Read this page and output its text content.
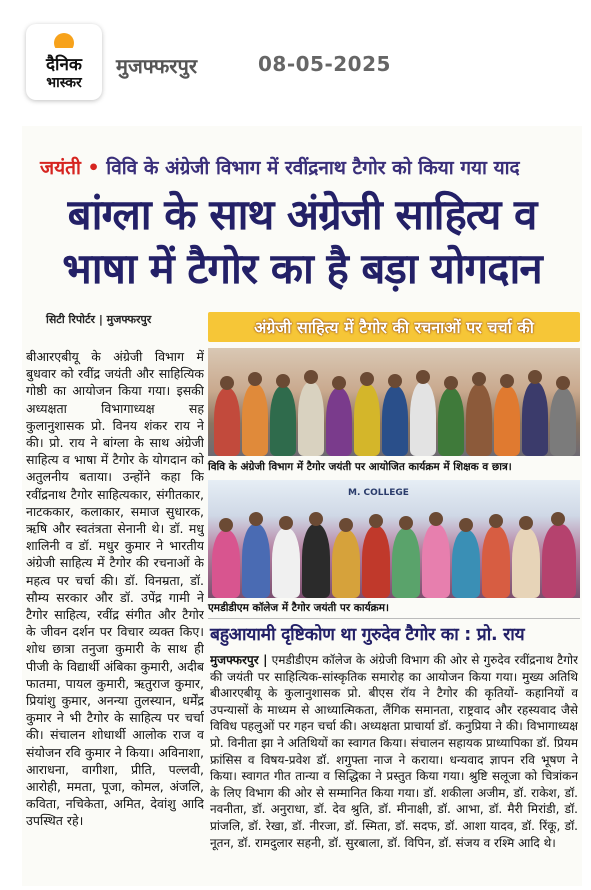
दैनिक
भास्कर
मुजफ्फरपुर	08-05-2025
जयंती • विवि के अंग्रेजी विभाग में रवींद्रनाथ टैगोर को किया गया याद
बांग्ला के साथ अंग्रेजी साहित्य व
भाषा में टैगोर का है बड़ा योगदान
सिटी रिपोर्टर | मुजफ्फरपुर	अंग्रेजी साहित्य में टैगोर की रचनाओं पर चर्चा की
बीआरएबीयू के अंग्रेजी विभाग में बुधवार को रवींद्र जयंती और साहित्यिक गोष्ठी का आयोजन किया गया। इसकी अध्यक्षता विभागाध्यक्ष सह कुलानुशासक प्रो. विनय शंकर राय ने की। प्रो. राय ने बांग्ला के साथ अंग्रेजी साहित्य व भाषा में टैगोर के योगदान को अतुलनीय बताया। उन्होंने कहा कि रवींद्रनाथ टैगोर साहित्यकार, संगीतकार, नाटककार, कलाकार, समाज सुधारक, ऋषि और स्वतंत्रता सेनानी थे। डॉ. मधु शालिनी व डॉ. मधुर कुमार ने भारतीय अंग्रेजी साहित्य में टैगोर की रचनाओं के महत्व पर चर्चा की। डॉ. विनम्रता, डॉ. सौम्य सरकार और डॉ. उपेंद्र गामी ने टैगोर साहित्य, रवींद्र संगीत और टैगोर के जीवन दर्शन पर विचार व्यक्त किए। शोध छात्रा तनुजा कुमारी के साथ ही पीजी के विद्यार्थी अंबिका कुमारी, अदीब फातमा, पायल कुमारी, ऋतुराज कुमार, प्रियांशु कुमार, अनन्या तुलस्यान, धर्मेंद्र कुमार ने भी टैगोर के साहित्य पर चर्चा की। संचालन शोधार्थी आलोक राज व संयोजन रवि कुमार ने किया। अविनाशा, आराधना, वागीशा, प्रीति, पल्लवी, आरोही, ममता, पूजा, कोमल, अंजलि, कविता, नचिकेता, अमित, देवांशु आदि उपस्थित रहे।
विवि के अंग्रेजी विभाग में टैगोर जयंती पर आयोजित कार्यक्रम में शिक्षक व छात्र।
M. COLLEGE
एमडीडीएम कॉलेज में टैगोर जयंती पर कार्यक्रम।
बहुआयामी दृष्टिकोण था गुरुदेव टैगोर का : प्रो. राय
मुजफ्फरपुर | एमडीडीएम कॉलेज के अंग्रेजी विभाग की ओर से गुरुदेव रवींद्रनाथ टैगोर की जयंती पर साहित्यिक-सांस्कृतिक समारोह का आयोजन किया गया। मुख्य अतिथि बीआरएबीयू के कुलानुशासक प्रो. बीएस रॉय ने टैगोर की कृतियों- कहानियों व उपन्यासों के माध्यम से आध्यात्मिकता, लैंगिक समानता, राष्ट्रवाद और रहस्यवाद जैसे विविध पहलुओं पर गहन चर्चा की। अध्यक्षता प्राचार्या डॉ. कनुप्रिया ने की। विभागाध्यक्ष प्रो. विनीता झा ने अतिथियों का स्वागत किया। संचालन सहायक प्राध्यापिका डॉ. प्रियम फ्रांसिस व विषय-प्रवेश डॉ. शगुफ्ता नाज ने कराया। धन्यवाद ज्ञापन रवि भूषण ने किया। स्वागत गीत तान्या व सिद्धिका ने प्रस्तुत किया गया। श्रुष्टि सलूजा को चित्रांकन के लिए विभाग की ओर से सम्मानित किया गया। डॉ. शकीला अजीम, डॉ. राकेश, डॉ. नवनीता, डॉ. अनुराधा, डॉ. देव श्रुति, डॉ. मीनाक्षी, डॉ. आभा, डॉ. मैरी मिरांडी, डॉ. प्रांजलि, डॉ. रेखा, डॉ. नीरजा, डॉ. स्मिता, डॉ. सदफ, डॉ. आशा यादव, डॉ. रिंकू, डॉ. नूतन, डॉ. रामदुलार सहनी, डॉ. सुरबाला, डॉ. विपिन, डॉ. संजय व रश्मि आदि थे।
